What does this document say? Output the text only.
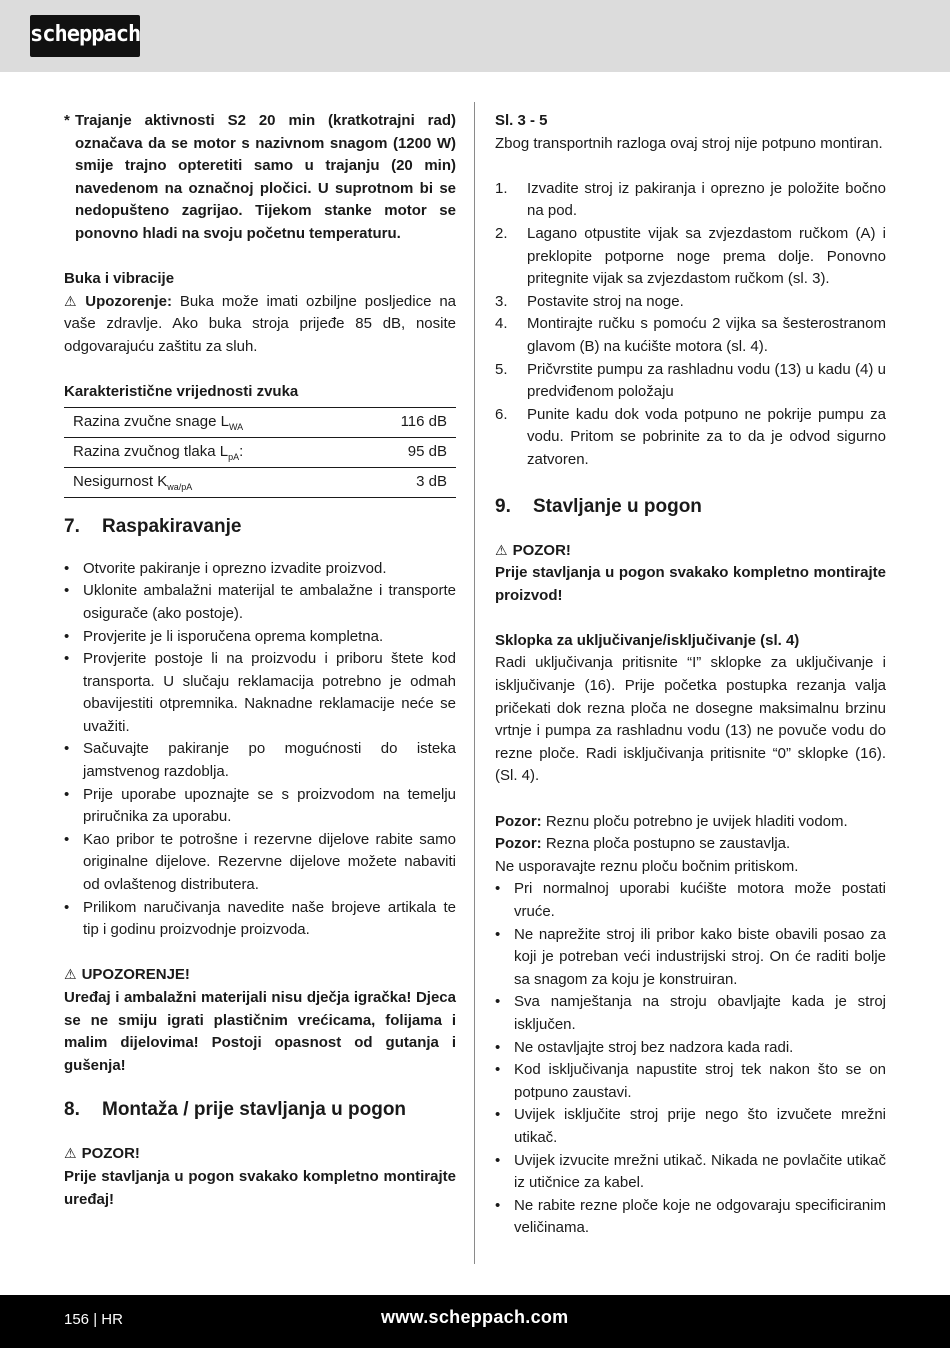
scheppach
* Trajanje aktivnosti S2 20 min (kratkotrajni rad) označava da se motor s nazivnom snagom (1200 W) smije trajno opteretiti samo u trajanju (20 min) navedenom na označnoj pločici. U suprotnom bi se nedopušteno zagrijao. Tijekom stanke motor se ponovno hladi na svoju početnu temperaturu.

Buka i vibracije

⚠ Upozorenje: Buka može imati ozbiljne posljedice na vaše zdravlje. Ako buka stroja prijeđe 85 dB, nosite odgovarajuću zaštitu za sluh.

Karakteristične vrijednosti zvuka

Razina zvučne snage $L_{WA}$	116 dB
Razina zvučnog tlaka $L_{pA}$:	95 dB
Nesigurnost $K_{wa/pA}$	3 dB
7. Raspakiravanje
• Otvorite pakiranje i oprezno izvadite proizvod.
• Uklonite ambalažni materijal te ambalažne i transporte osigurače (ako postoje).
• Provjerite je li isporučena oprema kompletna.
• Provjerite postoje li na proizvodu i priboru štete kod transporta. U slučaju reklamacija potrebno je odmah obavijestiti otpremnika. Naknadne reklamacije neće se uvažiti.
• Sačuvajte pakiranje po mogućnosti do isteka jamstvenog razdoblja.
• Prije uporabe upoznajte se s proizvodom na temelju priručnika za uporabu.
• Kao pribor te potrošne i rezervne dijelove rabite samo originalne dijelove. Rezervne dijelove možete nabaviti od ovlaštenog distributera.
• Prilikom naručivanja navedite naše brojeve artikala te tip i godinu proizvodnje proizvoda.

⚠ UPOZORENJE!

Uređaj i ambalažni materijali nisu dječja igračka! Djeca se ne smiju igrati plastičnim vrećicama, folijama i malim dijelovima! Postoji opasnost od gutanja i gušenja!

8. Montaža / prije stavljanja u pogon

⚠ POZOR!

Prije stavljanja u pogon svakako kompletno montirajte uređaj!

Sl. 3 - 5

Zbog transportnih razloga ovaj stroj nije potpuno montiran.

1.	Izvadite stroj iz pakiranja i oprezno je položite bočno na pod.
2.	Lagano otpustite vijak sa zvjezdastom ručkom (A) i preklopite potporne noge prema dolje. Ponovno pritegnite vijak sa zvjezdastom ručkom (sl. 3).
3.	Postavite stroj na noge.
4.	Montirajte ručku s pomoću 2 vijka sa šesterostranom glavom (B) na kućište motora (sl. 4).
5.	Pričvrstite pumpu za rashladnu vodu (13) u kadu (4) u predviđenom položaju
6.	Punite kadu dok voda potpuno ne pokrije pumpu za vodu. Pritom se pobrinite za to da je odvod sigurno zatvoren.
9. Stavljanje u pogon

⚠ POZOR!

Prije stavljanja u pogon svakako kompletno montirajte proizvod!

Sklopka za uključivanje/isključivanje (sl. 4)

Radi uključivanja pritisnite “I” sklopke za uključivanje i isključivanje (16). Prije početka postupka rezanja valja pričekati dok rezna ploča ne dosegne maksimalnu brzinu vrtnje i pumpa za rashladnu vodu (13) ne povuče vodu do rezne ploče. Radi isključivanja pritisnite “0” sklopke (16). (Sl. 4).

Pozor: Reznu ploču potrebno je uvijek hladiti vodom.

Pozor: Rezna ploča postupno se zaustavlja.

Ne usporavajte reznu ploču bočnim pritiskom.

• Pri normalnoj uporabi kućište motora može postati vruće.
• Ne naprežite stroj ili pribor kako biste obavili posao za koji je potreban veći industrijski stroj. On će raditi bolje sa snagom za koju je konstruiran.
• Sva namještanja na stroju obavljajte kada je stroj isključen.
• Ne ostavljajte stroj bez nadzora kada radi.
• Kod isključivanja napustite stroj tek nakon što se on potpuno zaustavi.
• Uvijek isključite stroj prije nego što izvučete mrežni utikač.
• Uvijek izvucite mrežni utikač. Nikada ne povlačite utikač iz utičnice za kabel.
• Ne rabite rezne ploče koje ne odgovaraju specificiranim veličinama.
156 | HR	www.scheppach.com
